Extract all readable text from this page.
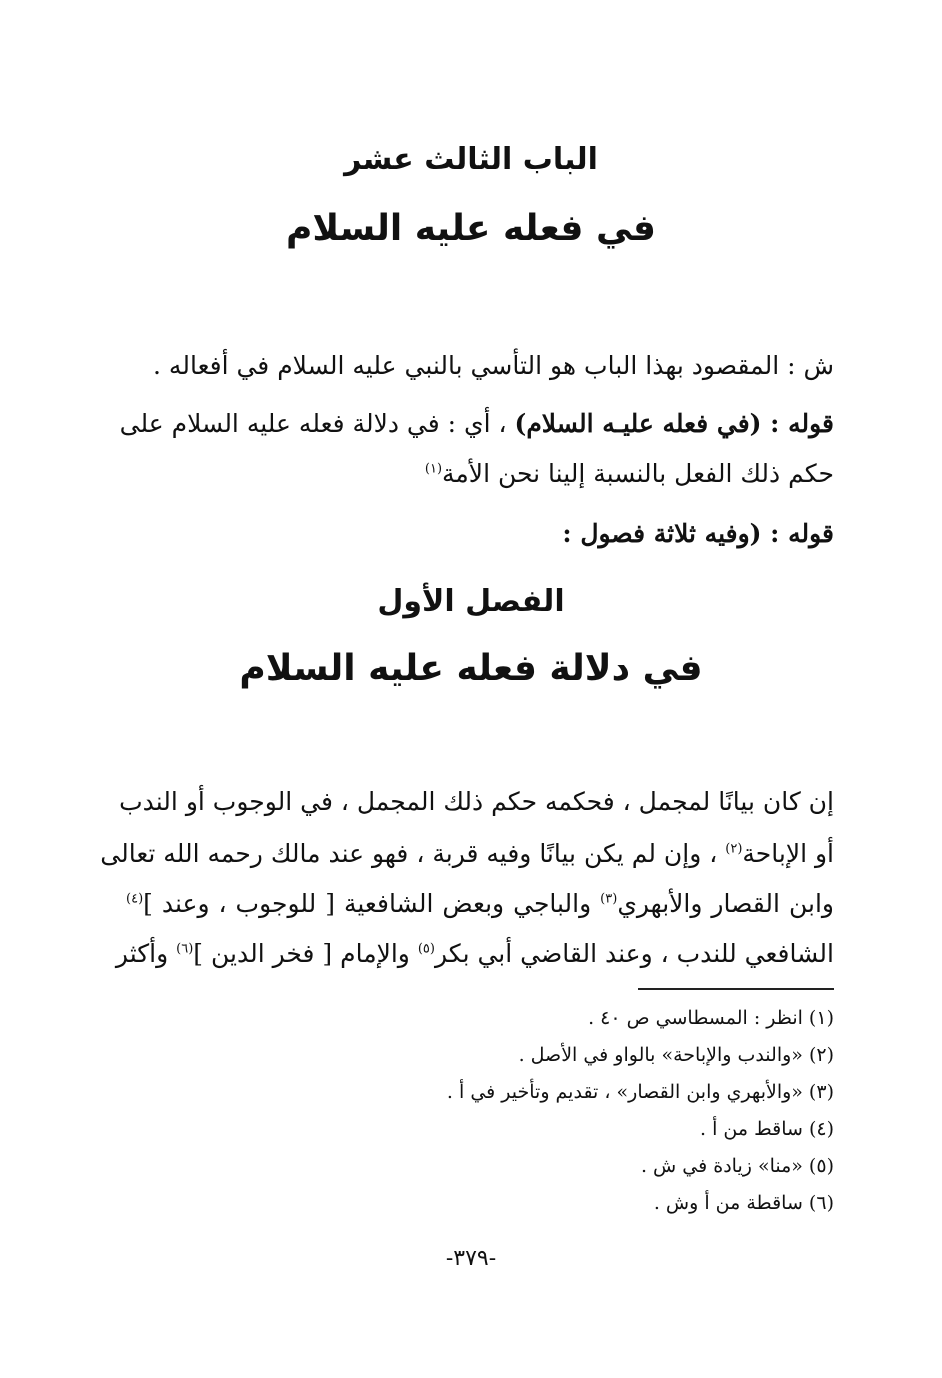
الباب الثالث عشر
في فعله عليه السلام
ش : المقصود بهذا الباب هو التأسي بالنبي عليه السلام في أفعاله .
قوله : (في فعله عليـه السلام) ، أي : في دلالة فعله عليه السلام على
حكم ذلك الفعل بالنسبة إلينا نحن الأمة$^{(١)}$
قوله : (وفيه ثلاثة فصول :
الفصل الأول
في دلالة فعله عليه السلام
إن كان بيانًا لمجمل ، فحكمه حكم ذلك المجمل ، في الوجوب أو الندب
أو الإباحة$^{(٢)}$ ، وإن لم يكن بيانًا وفيه قربة ، فهو عند مالك رحمه الله تعالى
وابن القصار والأبهري$^{(٣)}$ والباجي وبعض الشافعية [ للوجوب ، وعند ]$^{(٤)}$
الشافعي للندب ، وعند القاضي أبي بكر$^{(٥)}$ والإمام [ فخر الدين ]$^{(٦)}$ وأكثر
(١) انظر : المسطاسي ص ٤٠ .
(٢) «والندب والإباحة» بالواو في الأصل .
(٣) «والأبهري وابن القصار» ، تقديم وتأخير في أ .
(٤) ساقط من أ .
(٥) «منا» زيادة في ش .
(٦) ساقطة من أ وش .
-٣٧٩-
